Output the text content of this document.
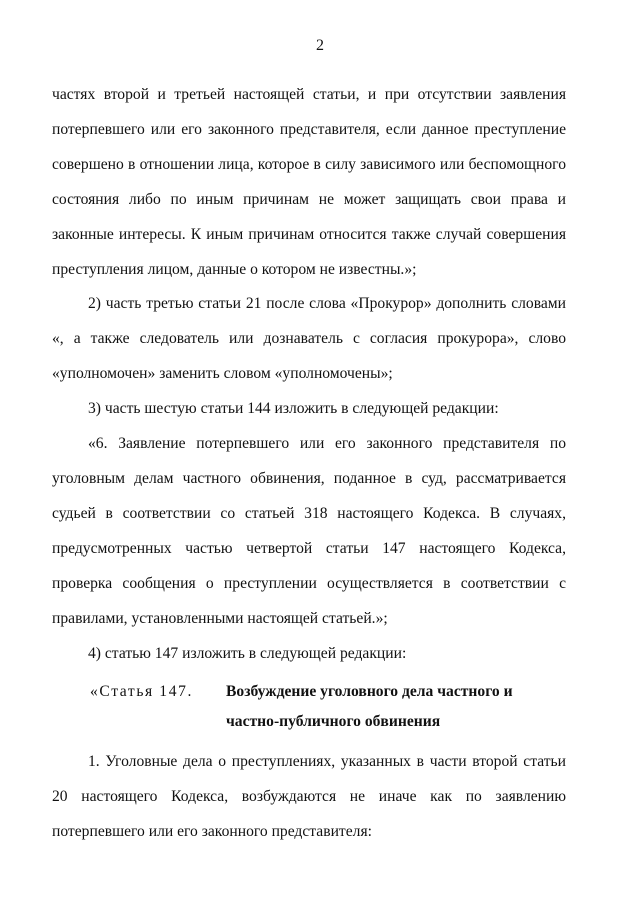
2

частях второй и третьей настоящей статьи, и при отсутствии заявления потерпевшего или его законного представителя, если данное преступление совершено в отношении лица, которое в силу зависимого или беспомощного состояния либо по иным причинам не может защищать свои права и законные интересы. К иным причинам относится также случай совершения преступления лицом, данные о котором не известны.»;

2) часть третью статьи 21 после слова «Прокурор» дополнить словами «, а также следователь или дознаватель с согласия прокурора», слово «уполномочен» заменить словом «уполномочены»;

3) часть шестую статьи 144 изложить в следующей редакции:

«6. Заявление потерпевшего или его законного представителя по уголовным делам частного обвинения, поданное в суд, рассматривается судьей в соответствии со статьей 318 настоящего Кодекса. В случаях, предусмотренных частью четвертой статьи 147 настоящего Кодекса, проверка сообщения о преступлении осуществляется в соответствии с правилами, установленными настоящей статьей.»;

4) статью 147 изложить в следующей редакции:

«Статья 147.	Возбуждение уголовного дела частного и
частно-публичного обвинения

1. Уголовные дела о преступлениях, указанных в части второй статьи 20 настоящего Кодекса, возбуждаются не иначе как по заявлению потерпевшего или его законного представителя:
